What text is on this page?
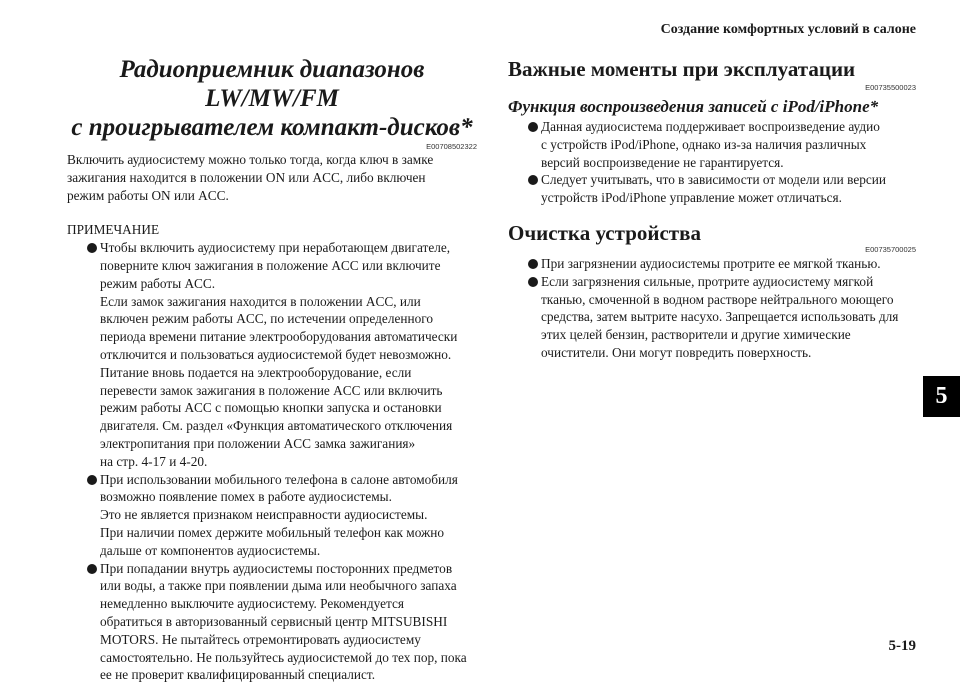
Создание комфортных условий в салоне
Радиоприемник диапазонов LW/MW/FM
с проигрывателем компакт-дисков*
E00708502322

Включить аудиосистему можно только тогда, когда ключ в замке
зажигания находится в положении ON или ACC, либо включен
режим работы ON или ACC.

ПРИМЕЧАНИЕ
Чтобы включить аудиосистему при неработающем двигателе,
поверните ключ зажигания в положение ACC или включите
режим работы ACC.
Если замок зажигания находится в положении ACC, или
включен режим работы ACC, по истечении определенного
периода времени питание электрооборудования автоматически
отключится и пользоваться аудиосистемой будет невозможно.
Питание вновь подается на электрооборудование, если
перевести замок зажигания в положение ACC или включить
режим работы ACC с помощью кнопки запуска и остановки
двигателя. См. раздел «Функция автоматического отключения
электропитания при положении ACC замка зажигания»
на стр. 4-17 и 4-20.
При использовании мобильного телефона в салоне автомобиля
возможно появление помех в работе аудиосистемы.
Это не является признаком неисправности аудиосистемы.
При наличии помех держите мобильный телефон как можно
дальше от компонентов аудиосистемы.
При попадании внутрь аудиосистемы посторонних предметов
или воды, а также при появлении дыма или необычного запаха
немедленно выключите аудиосистему. Рекомендуется
обратиться в авторизованный сервисный центр MITSUBISHI
MOTORS. Не пытайтесь отремонтировать аудиосистему
самостоятельно. Не пользуйтесь аудиосистемой до тех пор, пока
ее не проверит квалифицированный специалист.
Важные моменты при эксплуатации
E00735500023
Функция воспроизведения записей с iPod/iPhone*
Данная аудиосистема поддерживает воспроизведение аудио
с устройств iPod/iPhone, однако из-за наличия различных
версий воспроизведение не гарантируется.
Следует учитывать, что в зависимости от модели или версии
устройств iPod/iPhone управление может отличаться.
Очистка устройства
E00735700025
При загрязнении аудиосистемы протрите ее мягкой тканью.
Если загрязнения сильные, протрите аудиосистему мягкой
тканью, смоченной в водном растворе нейтрального моющего
средства, затем вытрите насухо. Запрещается использовать для
этих целей бензин, растворители и другие химические
очистители. Они могут повредить поверхность.
5
5-19
